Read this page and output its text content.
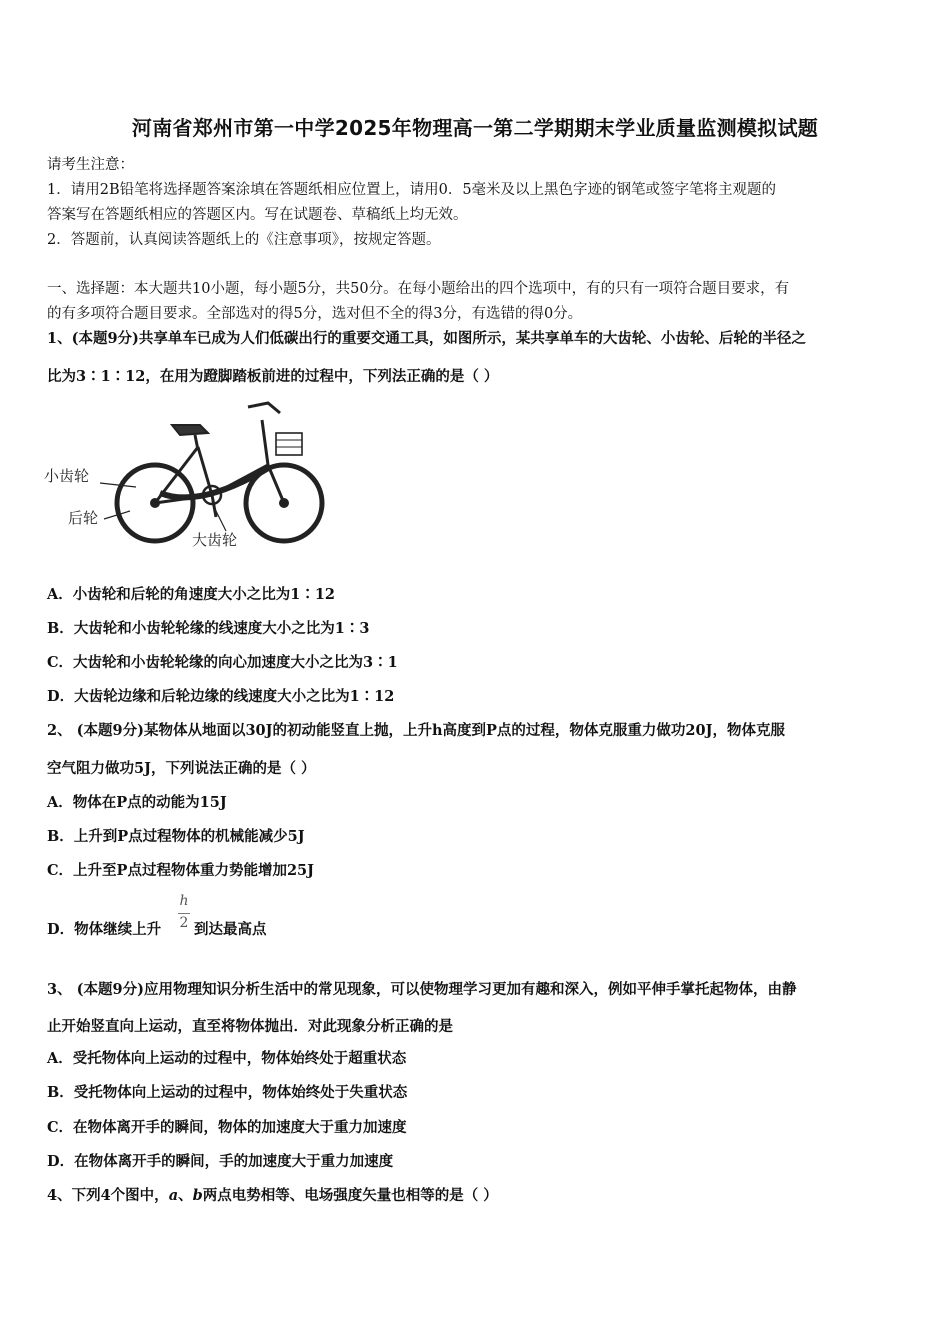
河南省郑州市第一中学2025年物理高一第二学期期末学业质量监测模拟试题
请考生注意：
1．请用2B铅笔将选择题答案涂填在答题纸相应位置上，请用0．5毫米及以上黑色字迹的钢笔或签字笔将主观题的
答案写在答题纸相应的答题区内。写在试题卷、草稿纸上均无效。
2．答题前，认真阅读答题纸上的《注意事项》，按规定答题。
一、选择题：本大题共10小题，每小题5分，共50分。在每小题给出的四个选项中，有的只有一项符合题目要求，有
的有多项符合题目要求。全部选对的得5分，选对但不全的得3分，有选错的得0分。
1、(本题9分)共享单车已成为人们低碳出行的重要交通工具，如图所示，某共享单车的大齿轮、小齿轮、后轮的半径之
比为3∶1∶12，在用为蹬脚踏板前进的过程中，下列法正确的是（ ）
小齿轮
后轮
大齿轮
A．小齿轮和后轮的角速度大小之比为1∶12
B．大齿轮和小齿轮轮缘的线速度大小之比为1∶3
C．大齿轮和小齿轮轮缘的向心加速度大小之比为3∶1
D．大齿轮边缘和后轮边缘的线速度大小之比为1∶12
2、 (本题9分)某物体从地面以30J的初动能竖直上抛，上升h高度到P点的过程，物体克服重力做功20J，物体克服
空气阻力做功5J，下列说法正确的是（ ）
A．物体在P点的动能为15J
B．上升到P点过程物体的机械能减少5J
C．上升至P点过程物体重力势能增加25J
D．物体继续上升
h
2 到达最高点
3、 (本题9分)应用物理知识分析生活中的常见现象，可以使物理学习更加有趣和深入，例如平伸手掌托起物体，由静
止开始竖直向上运动，直至将物体抛出．对此现象分析正确的是
A．受托物体向上运动的过程中，物体始终处于超重状态
B．受托物体向上运动的过程中，物体始终处于失重状态
C．在物体离开手的瞬间，物体的加速度大于重力加速度
D．在物体离开手的瞬间，手的加速度大于重力加速度
4、下列4个图中，a、b两点电势相等、电场强度矢量也相等的是（ ）
